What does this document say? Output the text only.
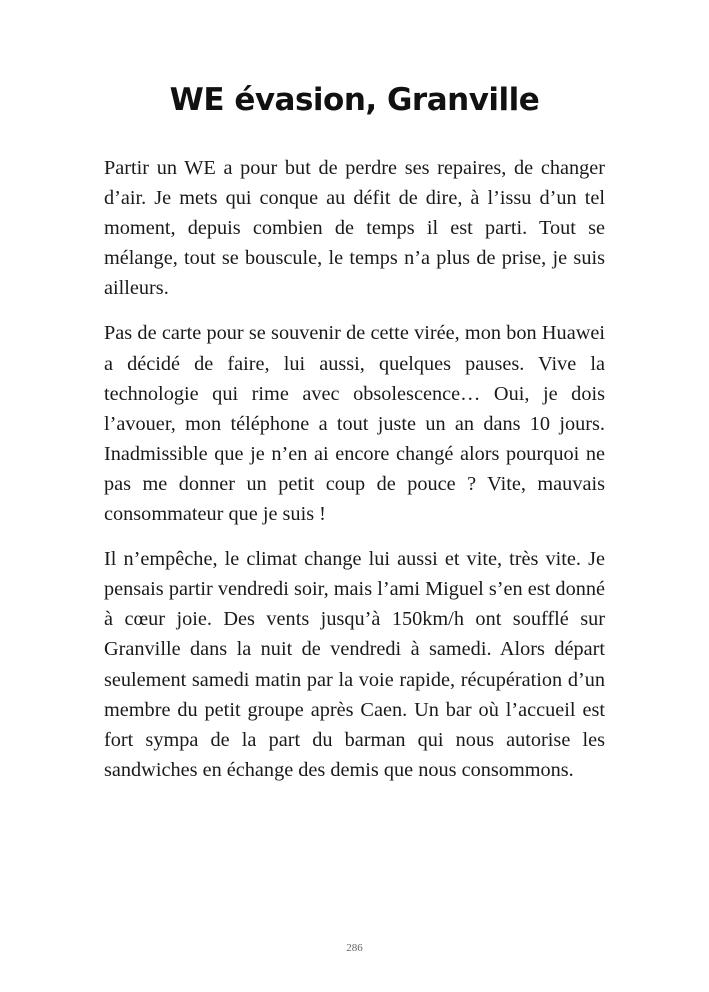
WE évasion, Granville

Partir un WE a pour but de perdre ses repaires, de changer d’air. Je mets qui conque au défit de dire, à l’issu d’un tel moment, depuis combien de temps il est parti. Tout se mélange, tout se bouscule, le temps n’a plus de prise, je suis ailleurs.

Pas de carte pour se souvenir de cette virée, mon bon Huawei a décidé de faire, lui aussi, quelques pauses. Vive la technologie qui rime avec obsolescence… Oui, je dois l’avouer, mon téléphone a tout juste un an dans 10 jours. Inadmissible que je n’en ai encore changé alors pourquoi ne pas me donner un petit coup de pouce ? Vite, mauvais consommateur que je suis !

Il n’empêche, le climat change lui aussi et vite, très vite. Je pensais partir vendredi soir, mais l’ami Miguel s’en est donné à cœur joie. Des vents jusqu’à 150km/h ont soufflé sur Granville dans la nuit de vendredi à samedi. Alors départ seulement samedi matin par la voie rapide, récupération d’un membre du petit groupe après Caen. Un bar où l’accueil est fort sympa de la part du barman qui nous autorise les sandwiches en échange des demis que nous consommons.

286
